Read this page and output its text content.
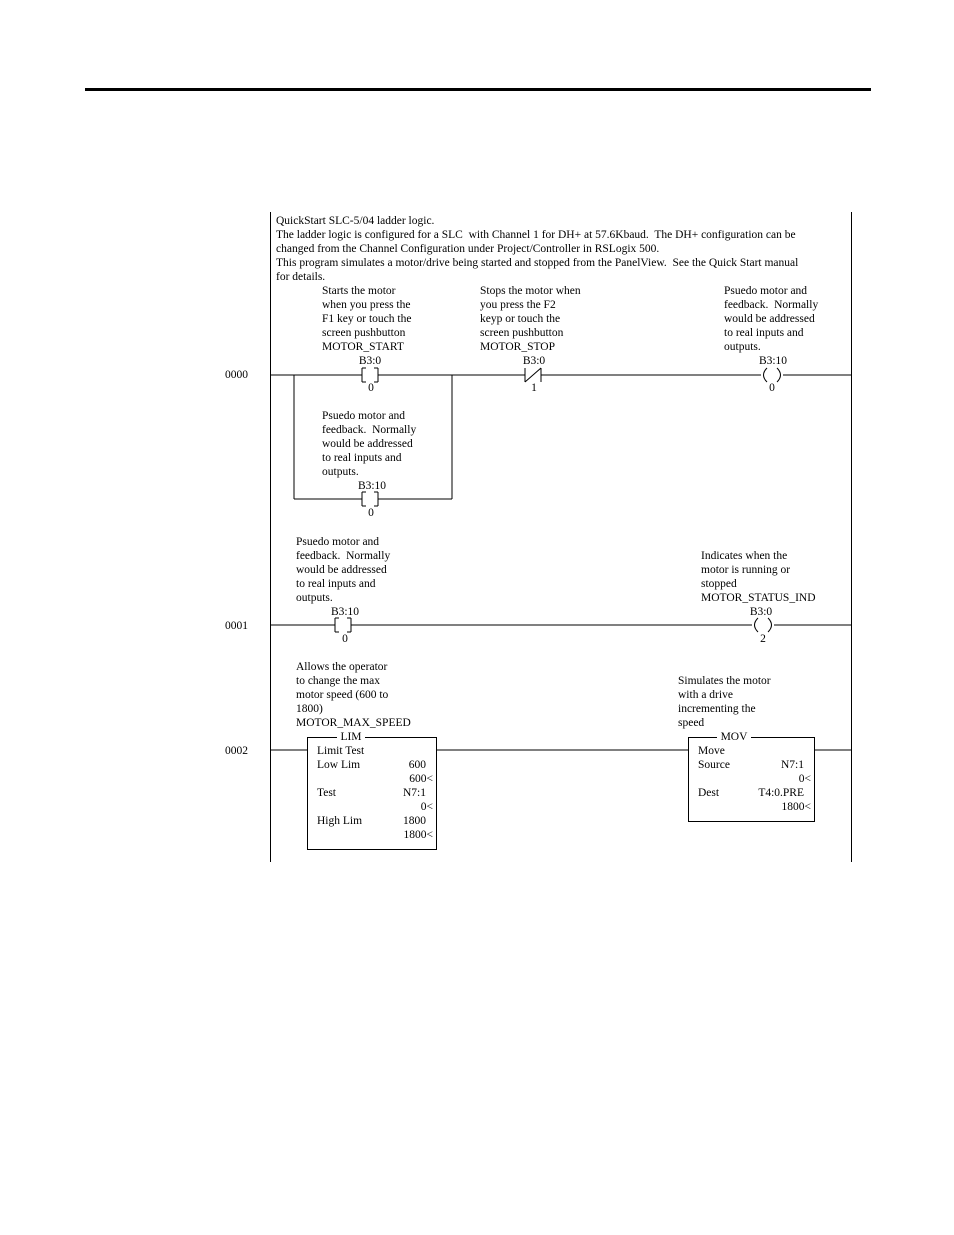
QuickStart SLC-5/04 ladder logic.

The ladder logic is configured for a SLC  with Channel 1 for DH+ at 57.6Kbaud.  The DH+ configuration can be

changed from the Channel Configuration under Project/Controller in RSLogix 500.

This program simulates a motor/drive being started and stopped from the PanelView.  See the Quick Start manual

for details.

0000

Starts the motor

when you press the

F1 key or touch the

screen pushbutton

MOTOR_START

B3:0

0

Stops the motor when

you press the F2

keyp or touch the

screen pushbutton

MOTOR_STOP

B3:0

1

Psuedo motor and

feedback.  Normally

would be addressed

to real inputs and

outputs.

B3:10

0

Psuedo motor and

feedback.  Normally

would be addressed

to real inputs and

outputs.

B3:10

0

0001

Psuedo motor and

feedback.  Normally

would be addressed

to real inputs and

outputs.

B3:10

0

Indicates when the

motor is running or

stopped

MOTOR_STATUS_IND

B3:0

2

0002

Allows the operator

to change the max

motor speed (600 to

1800)

MOTOR_MAX_SPEED

LIM

Limit Test

Low Lim	600

600<

Test	N7:1

0<

High Lim	1800

1800<

Simulates the motor

with a drive

incrementing the

speed

MOV

Move

Source	N7:1

0<

Dest	T4:0.PRE

1800<
